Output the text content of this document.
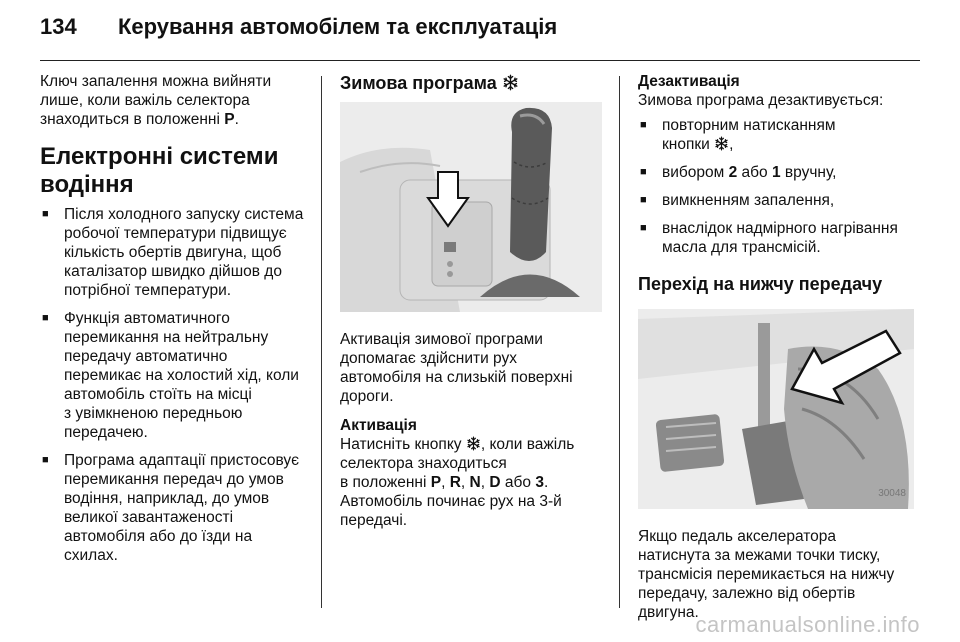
134 Керування автомобілем та експлуатація

Ключ запалення можна вийняти
лише, коли важіль селектора
знаходиться в положенні P.

Електронні системи
водіння
■ Після холодного запуску система
робочої температури підвищує
кількість обертів двигуна, щоб
каталізатор швидко дійшов до
потрібної температури.
■ Функція автоматичного
перемикання на нейтральну
передачу автоматично
перемикає на холостий хід, коли
автомобіль стоїть на місці
з увімкненою передньою
передачею.
■ Програма адаптації пристосовує
перемикання передач до умов
водіння, наприклад, до умов
великої завантаженості
автомобіля або до їзди на
схилах.
Зимова програма

Активація зимової програми
допомагає здійснити рух
автомобіля на слизькій поверхні
дороги.

Активація

Натисніть кнопку , коли важіль
селектора знаходиться
в положенні P, R, N, D або 3.
Автомобіль починає рух на 3-й
передачі.

Дезактивація

Зимова програма дезактивується:

■ повторним натисканням
кнопки ,
■ вибором 2 або 1 вручну,
■ вимкненням запалення,
■ внаслідок надмірного нагрівання
масла для трансмісій.
Перехід на нижчу передачу
30048

Якщо педаль акселератора
натиснута за межами точки тиску,
трансмісія перемикається на нижчу
передачу, залежно від обертів
двигуна.

carmanualsonline.info
